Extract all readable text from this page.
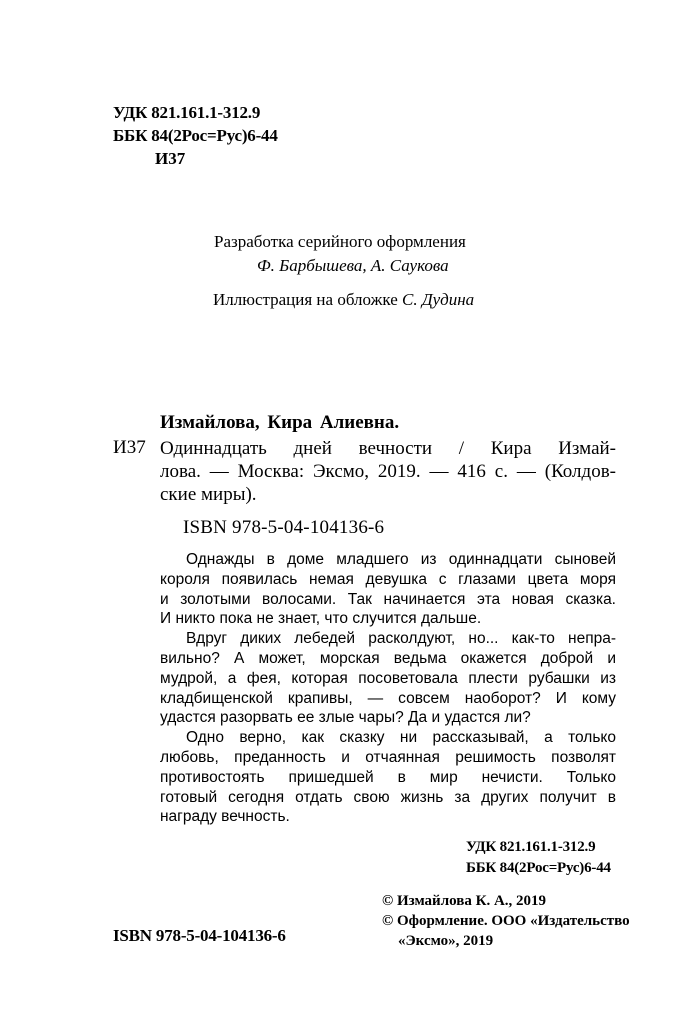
УДК 821.161.1-312.9
ББК 84(2Рос=Рус)6-44
И37
Разработка серийного оформления
Ф. Барбышева, А. Саукова
Иллюстрация на обложке С. Дудина
Измайлова, Кира Алиевна.
И37 Одиннадцать дней вечности / Кира Измай-
лова. — Москва: Эксмо, 2019. — 416 с. — (Колдов-
ские миры).
ISBN 978-5-04-104136-6

Однажды в доме младшего из одиннадцати сыновей
короля появилась немая девушка с глазами цвета моря
и золотыми волосами. Так начинается эта новая сказка.
И никто пока не знает, что случится дальше.

Вдруг диких лебедей расколдуют, но... как-то непра-
вильно? А может, морская ведьма окажется доброй и
мудрой, а фея, которая посоветовала плести рубашки из
кладбищенской крапивы, — совсем наоборот? И кому
удастся разорвать ее злые чары? Да и удастся ли?

Одно верно, как сказку ни рассказывай, а только
любовь, преданность и отчаянная решимость позволят
противостоять пришедшей в мир нечисти. Только
готовый сегодня отдать свою жизнь за других получит в
награду вечность.

УДК 821.161.1-312.9
ББК 84(2Рос=Рус)6-44
© Измайлова К. А., 2019
© Оформление. ООО «Издательство
«Эксмо», 2019
ISBN 978-5-04-104136-6
